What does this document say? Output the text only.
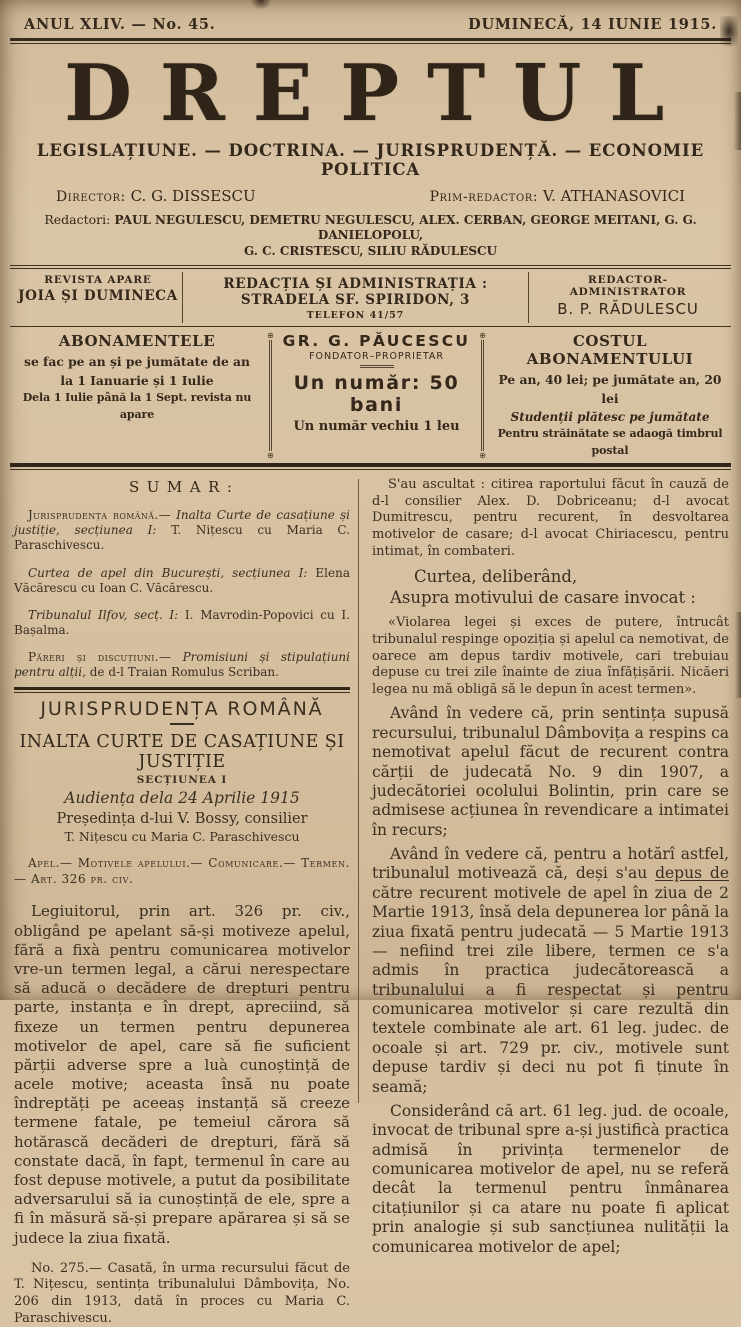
ANUL XLIV. — No. 45.	DUMINECĂ, 14 IUNIE 1915.
DREPTUL
LEGISLAȚIUNE. — DOCTRINA. — JURISPRUDENȚĂ. — ECONOMIE POLITICA
Director: C. G. DISSESCU	Prim-redactor: V. ATHANASOVICI
Redactori: PAUL NEGULESCU, DEMETRU NEGULESCU, ALEX. CERBAN, GEORGE MEITANI, G. G. DANIELOPOLU,
G. C. CRISTESCU, SILIU RĂDULESCU
REVISTA APARE
JOIA ȘI DUMINECA
REDACȚIA ȘI ADMINISTRAȚIA : STRADELA SF. SPIRIDON, 3
TELEFON 41/57
REDACTOR-ADMINISTRATOR
B. P. RĂDULESCU
ABONAMENTELE
se fac pe an și pe jumătate de an
la 1 Ianuarie și 1 Iulie
Dela 1 Iulie până la 1 Sept. revista nu apare
⊕
⊕
GR. G. PĂUCESCU
FONDATOR–PROPRIETAR
Un număr: 50 bani
Un număr vechiu 1 leu
⊕
⊕
COSTUL ABONAMENTULUI
Pe an, 40 lei; pe jumătate an, 20 lei
Studenții plătesc pe jumătate
Pentru străinătate se adaogă timbrul postal
SUMAR:

Jurisprudența română.— Inalta Curte de casațiune și justiție, secțiunea I: T. Nițescu cu Maria C. Paraschivescu.

Curtea de apel din București, secțiunea I: Elena Văcărescu cu Ioan C. Văcărescu.

Tribunalul Ilfov, secț. I: I. Mavrodin-Popovici cu I. Bașalma.

Păreri și discuțiuni.— Promisiuni și stipulațiuni pentru alții, de d-l Traian Romulus Scriban.

JURISPRUDENȚA ROMÂNĂ
INALTA CURTE DE CASAȚIUNE ȘI JUSTIȚIE
SECȚIUNEA I
Audiența dela 24 Aprilie 1915
Președința d-lui V. Bossy, consilier
T. Nițescu cu Maria C. Paraschivescu

Apel.— Motivele apelului.— Comunicare.— Termen.— Art. 326 pr. civ.

Legiuitorul, prin art. 326 pr. civ., obligând pe apelant să-și motiveze apelul, fără a fixà pentru comunicarea motivelor vre-un termen legal, a cărui nerespectare să aducă o decădere de drepturi pentru parte, instanța e în drept, apreciind, să fixeze un termen pentru depunerea motivelor de apel, care să fie suficient părții adverse spre a luà cunoștință de acele motive; aceasta însă nu poate îndreptăți pe aceeaș instanță să creeze termene fatale, pe temeiul cărora să hotărască decăderi de drepturi, fără să constate dacă, în fapt, termenul în care au fost depuse motivele, a putut da posibilitate adversarului să ia cunoștință de ele, spre a fi în măsură să-și prepare apărarea și să se judece la ziua fixată.

No. 275.— Casată, în urma recursului făcut de T. Nițescu, sentința tribunalului Dâmbovița, No. 206 din 1913, dată în proces cu Maria C. Paraschivescu.

S'au ascultat : citirea raportului făcut în cauză de d-l consilier Alex. D. Dobriceanu; d-l avocat Dumitrescu, pentru recurent, în desvoltarea motivelor de casare; d-l avocat Chiriacescu, pentru intimat, în combateri.

Curtea, deliberând,
Asupra motivului de casare invocat :

«Violarea legei și exces de putere, întrucât tribunalul respinge opoziția și apelul ca nemotivat, de oarece am depus tardiv motivele, cari trebuiau depuse cu trei zile înainte de ziua înfățișării. Nicăeri legea nu mă obligă să le depun în acest termen».

Având în vedere că, prin sentința supusă recursului, tribunalul Dâmbovița a respins ca nemotivat apelul făcut de recurent contra cărții de judecată No. 9 din 1907, a judecătoriei ocolului Bolintin, prin care se admisese acțiunea în revendicare a intimatei în recurs;

Având în vedere că, pentru a hotărî astfel, tribunalul motivează că, deși s'au depus de către recurent motivele de apel în ziua de 2 Martie 1913, însă dela depunerea lor până la ziua fixată pentru judecată — 5 Martie 1913 — nefiind trei zile libere, termen ce s'a admis în practica judecătorească a tribunalului a fi respectat și pentru comunicarea motivelor și care rezultă din textele combinate ale art. 61 leg. judec. de ocoale și art. 729 pr. civ., motivele sunt depuse tardiv și deci nu pot fi ținute în seamă;

Considerând că art. 61 leg. jud. de ocoale, invocat de tribunal spre a-și justificà practica admisă în privința termenelor de comunicarea motivelor de apel, nu se referă decât la termenul pentru înmânarea citațiunilor și ca atare nu poate fi aplicat prin analogie și sub sancțiunea nulității la comunicarea motivelor de apel;
